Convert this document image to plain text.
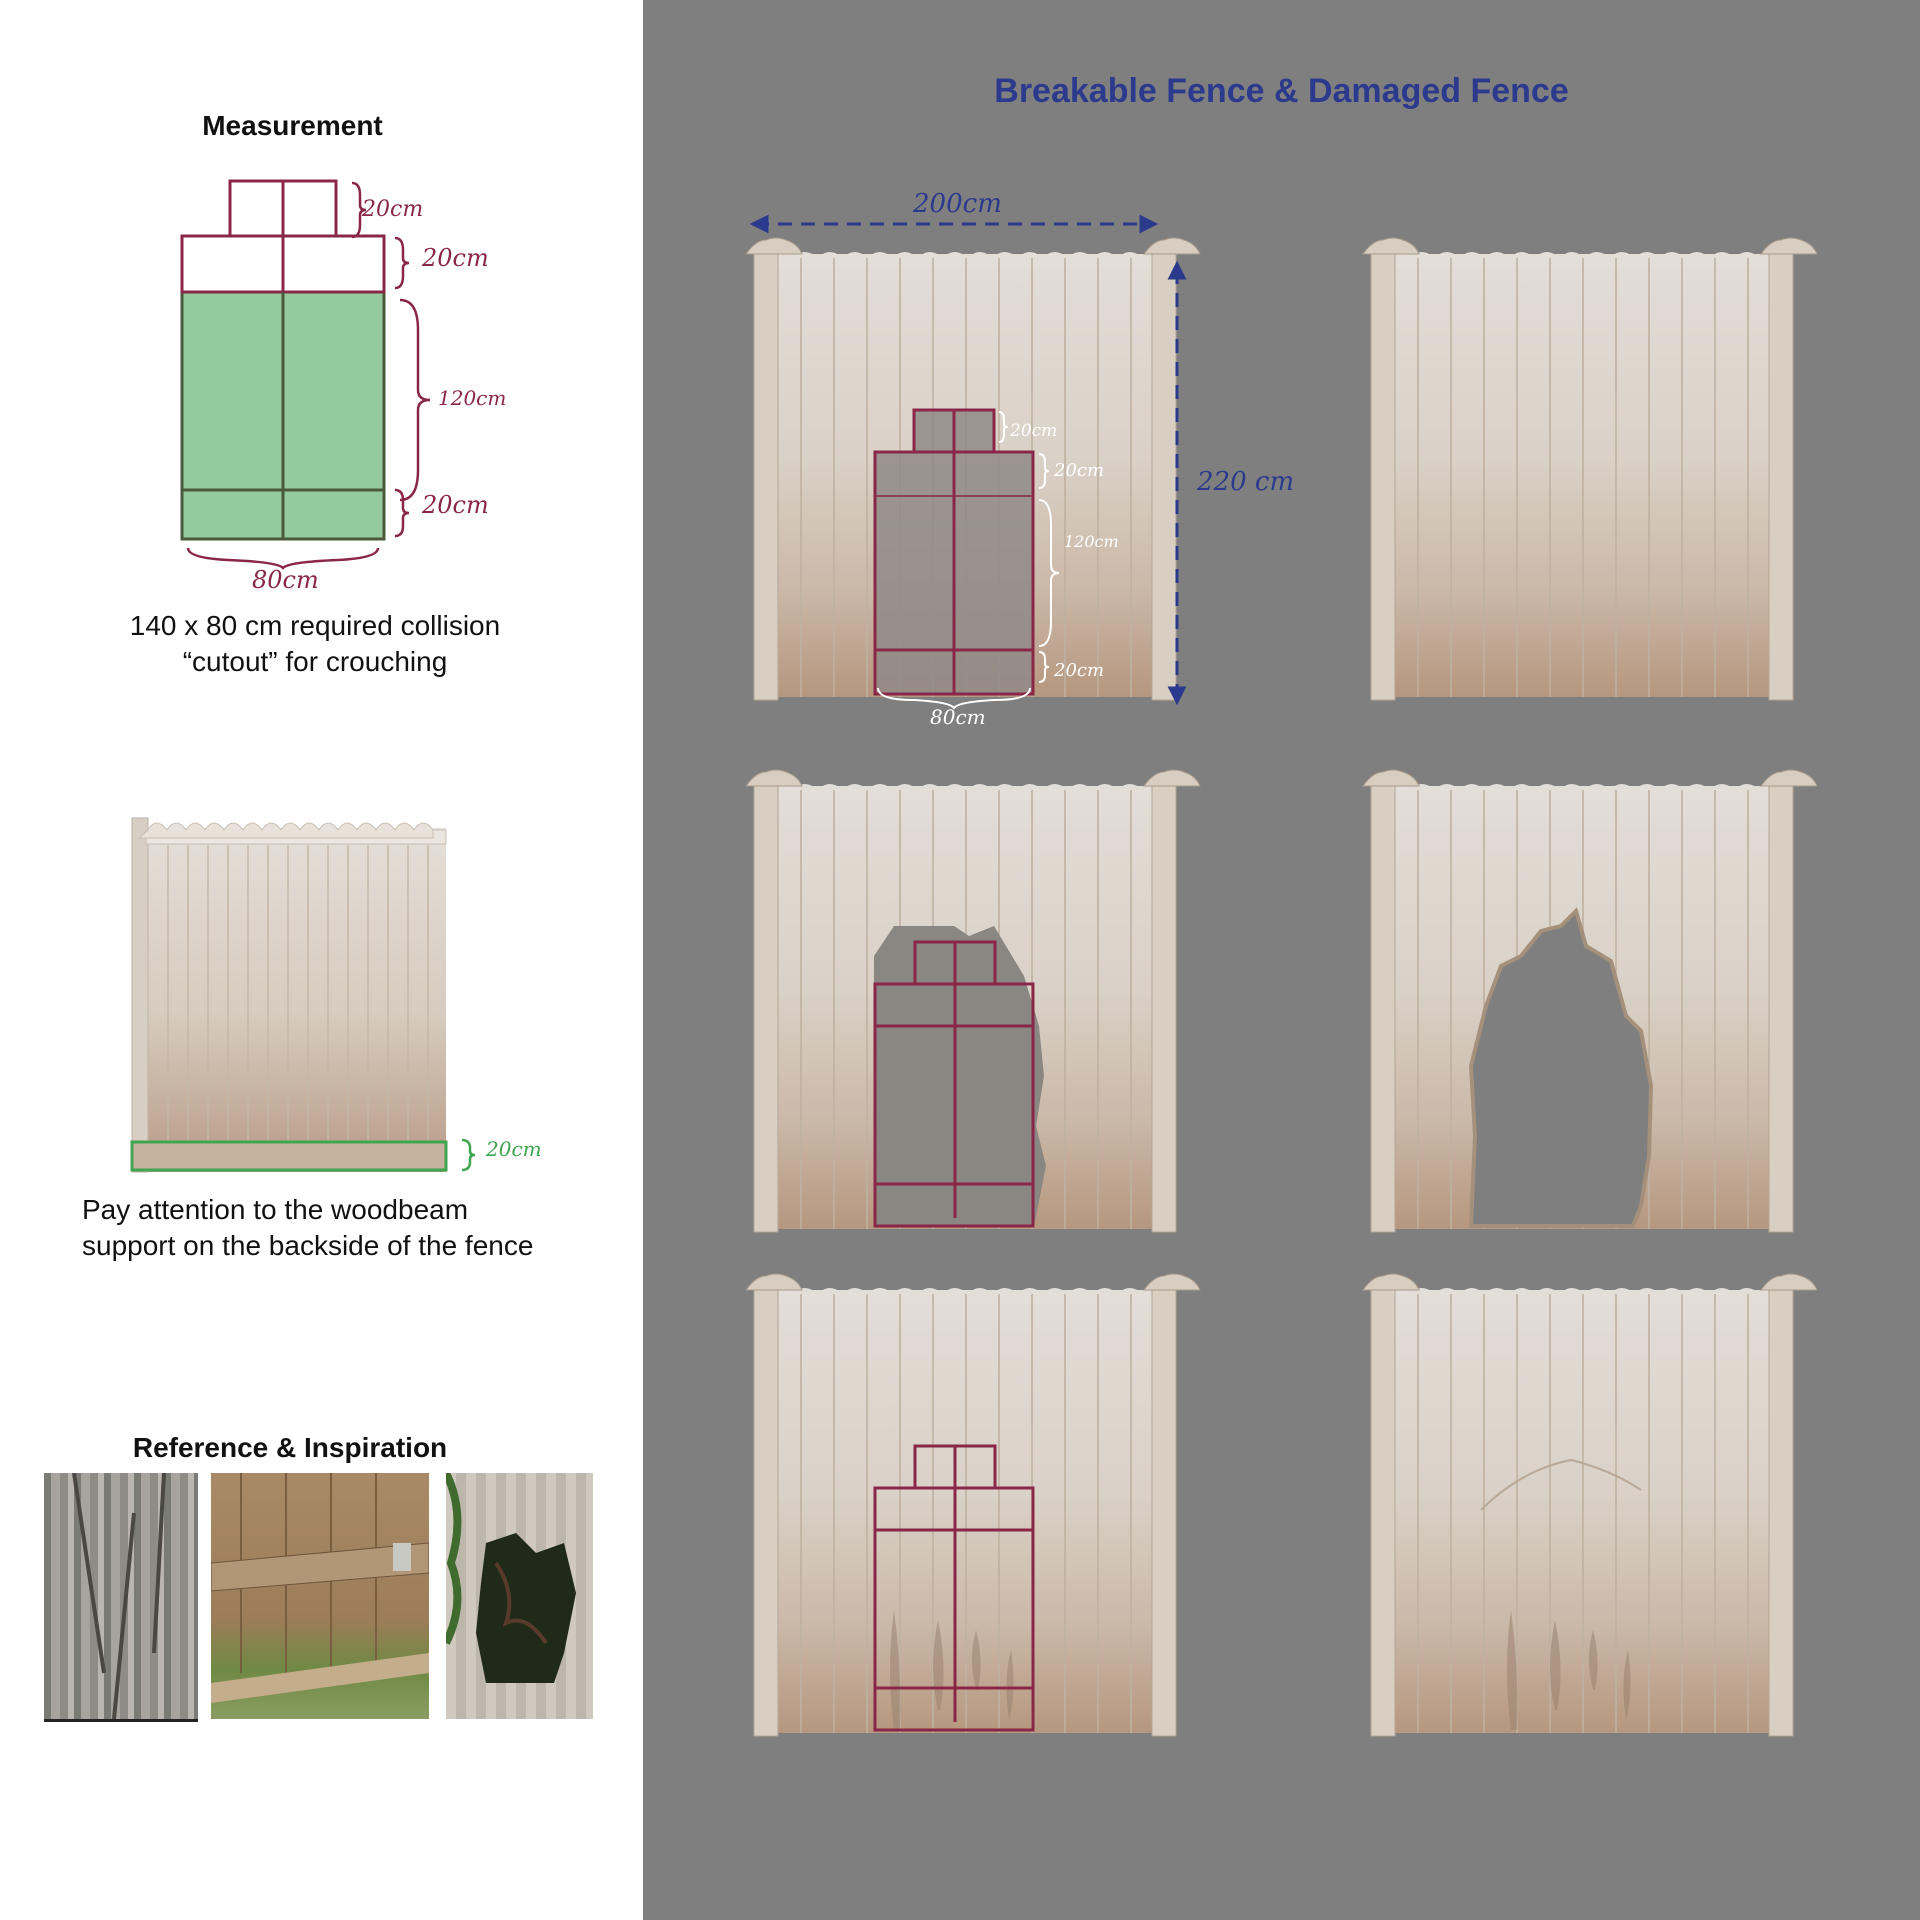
Measurement
20cm
20cm
120cm
20cm
80cm
140 x 80 cm required collision
“cutout” for crouching
20cm
Pay attention to the woodbeam
support on the backside of the fence
Reference & Inspiration
Breakable Fence & Damaged Fence
20cm
20cm
120cm
20cm
80cm
200cm
220 cm
